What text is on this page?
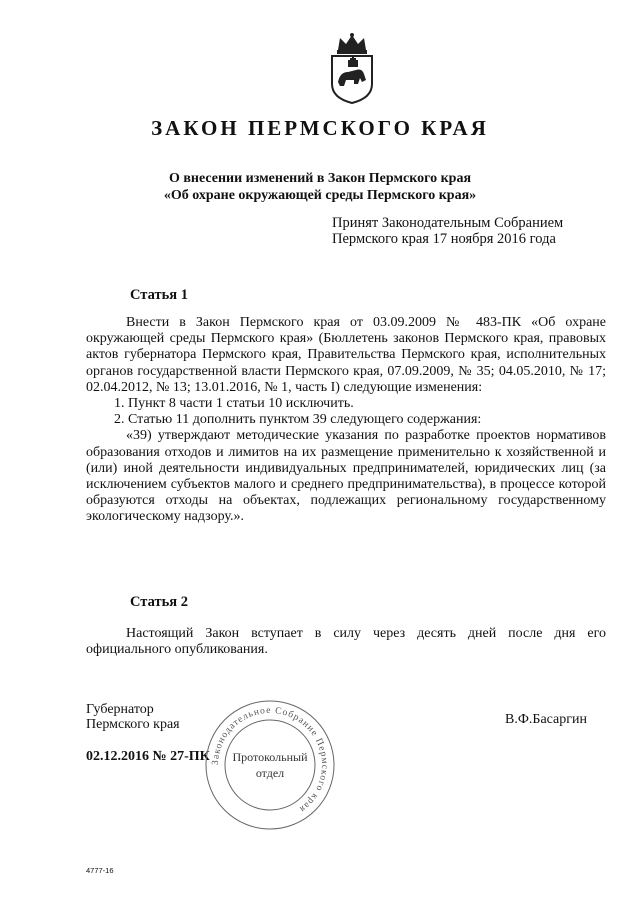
ЗАКОН ПЕРМСКОГО КРАЯ
О внесении изменений в Закон Пермского края
«Об охране окружающей среды Пермского края»
Принят Законодательным Собранием
Пермского края 17 ноября 2016 года
Статья 1

Внести в Закон Пермского края от 03.09.2009 № 483-ПК «Об охране окружающей среды Пермского края» (Бюллетень законов Пермского края, правовых актов губернатора Пермского края, Правительства Пермского края, исполнительных органов государственной власти Пермского края, 07.09.2009, № 35; 04.05.2010, № 17; 02.04.2012, № 13; 13.01.2016, № 1, часть I) следующие изменения:

1. Пункт 8 части 1 статьи 10 исключить.

2. Статью 11 дополнить пунктом 39 следующего содержания:

«39) утверждают методические указания по разработке проектов нормативов образования отходов и лимитов на их размещение применительно к хозяйственной и (или) иной деятельности индивидуальных предпринимателей, юридических лиц (за исключением субъектов малого и среднего предпринимательства), в процессе которой образуются отходы на объектах, подлежащих региональному государственному экологическому надзору.».

Статья 2

Настоящий Закон вступает в силу через десять дней после дня его официального опубликования.

Губернатор
Пермского края	В.Ф.Басаргин
02.12.2016 № 27-ПК Законодательное Собрание Пермского края
Протокольный
отдел
4777-16
